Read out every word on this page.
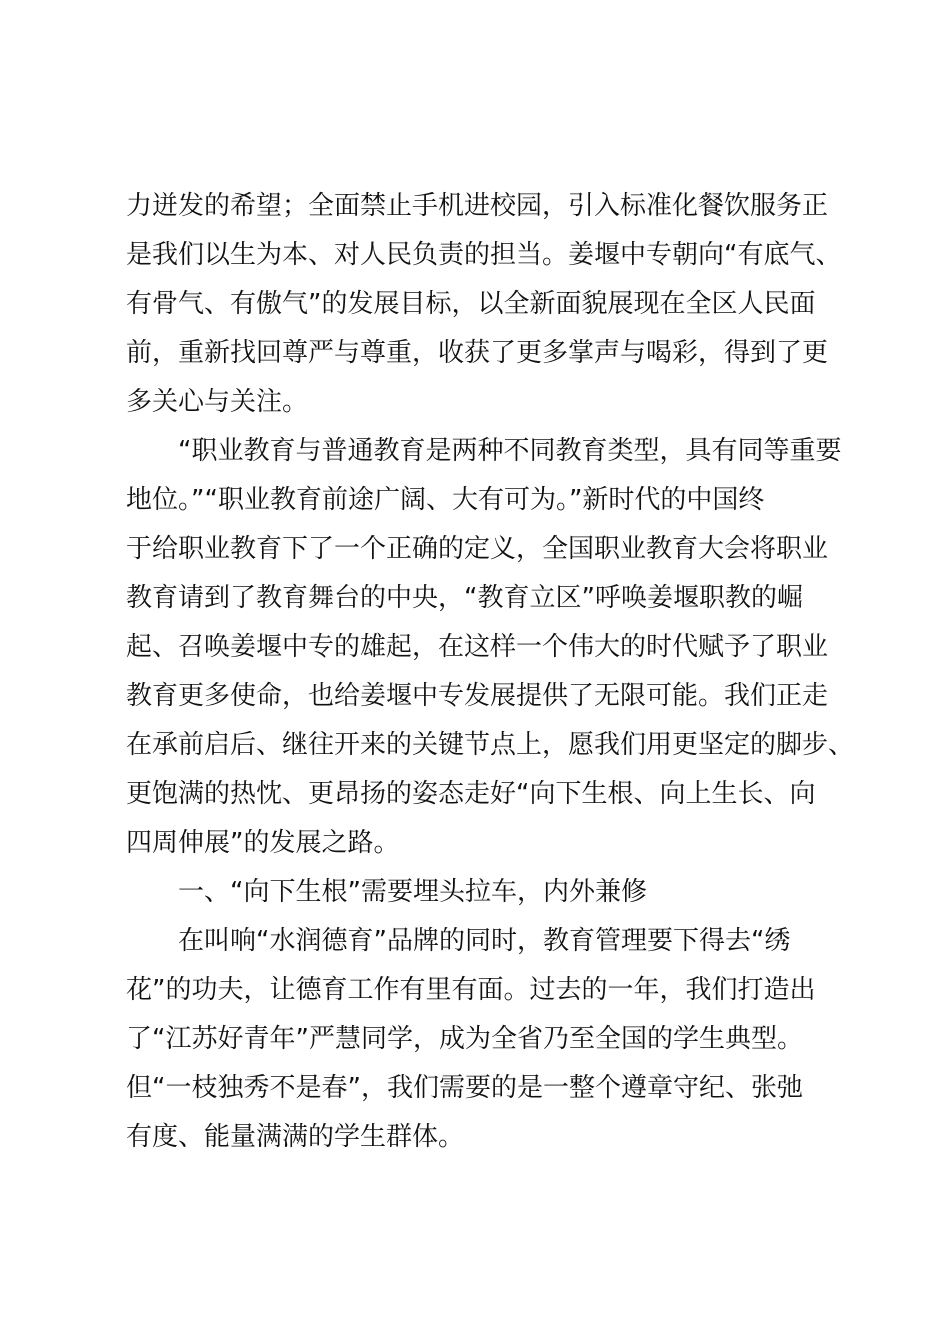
力迸发的希望；全面禁止手机进校园，引入标准化餐饮服务正
是我们以生为本、对人民负责的担当。姜堰中专朝向“有底气、
有骨气、有傲气”的发展目标，以全新面貌展现在全区人民面
前，重新找回尊严与尊重，收获了更多掌声与喝彩，得到了更
多关心与关注。
“职业教育与普通教育是两种不同教育类型，具有同等重要
地位。”“职业教育前途广阔、大有可为。”新时代的中国终
于给职业教育下了一个正确的定义，全国职业教育大会将职业
教育请到了教育舞台的中央，“教育立区”呼唤姜堰职教的崛
起、召唤姜堰中专的雄起，在这样一个伟大的时代赋予了职业
教育更多使命，也给姜堰中专发展提供了无限可能。我们正走
在承前启后、继往开来的关键节点上，愿我们用更坚定的脚步、
更饱满的热忱、更昂扬的姿态走好“向下生根、向上生长、向
四周伸展”的发展之路。
一、“向下生根”需要埋头拉车，内外兼修
在叫响“水润德育”品牌的同时，教育管理要下得去“绣
花”的功夫，让德育工作有里有面。过去的一年，我们打造出
了“江苏好青年”严慧同学，成为全省乃至全国的学生典型。
但“一枝独秀不是春”，我们需要的是一整个遵章守纪、张弛
有度、能量满满的学生群体。
